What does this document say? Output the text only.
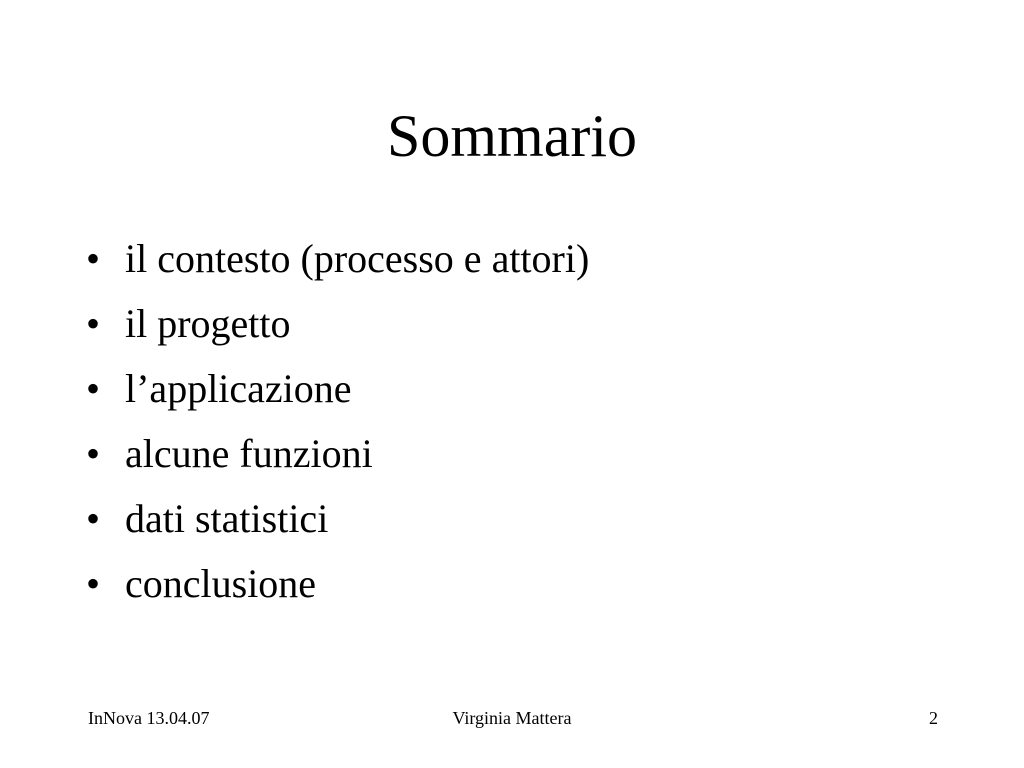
Sommario
• il contesto (processo e attori)
• il progetto
• l’applicazione
• alcune funzioni
• dati statistici
• conclusione
InNova 13.04.07	Virginia Mattera	2
